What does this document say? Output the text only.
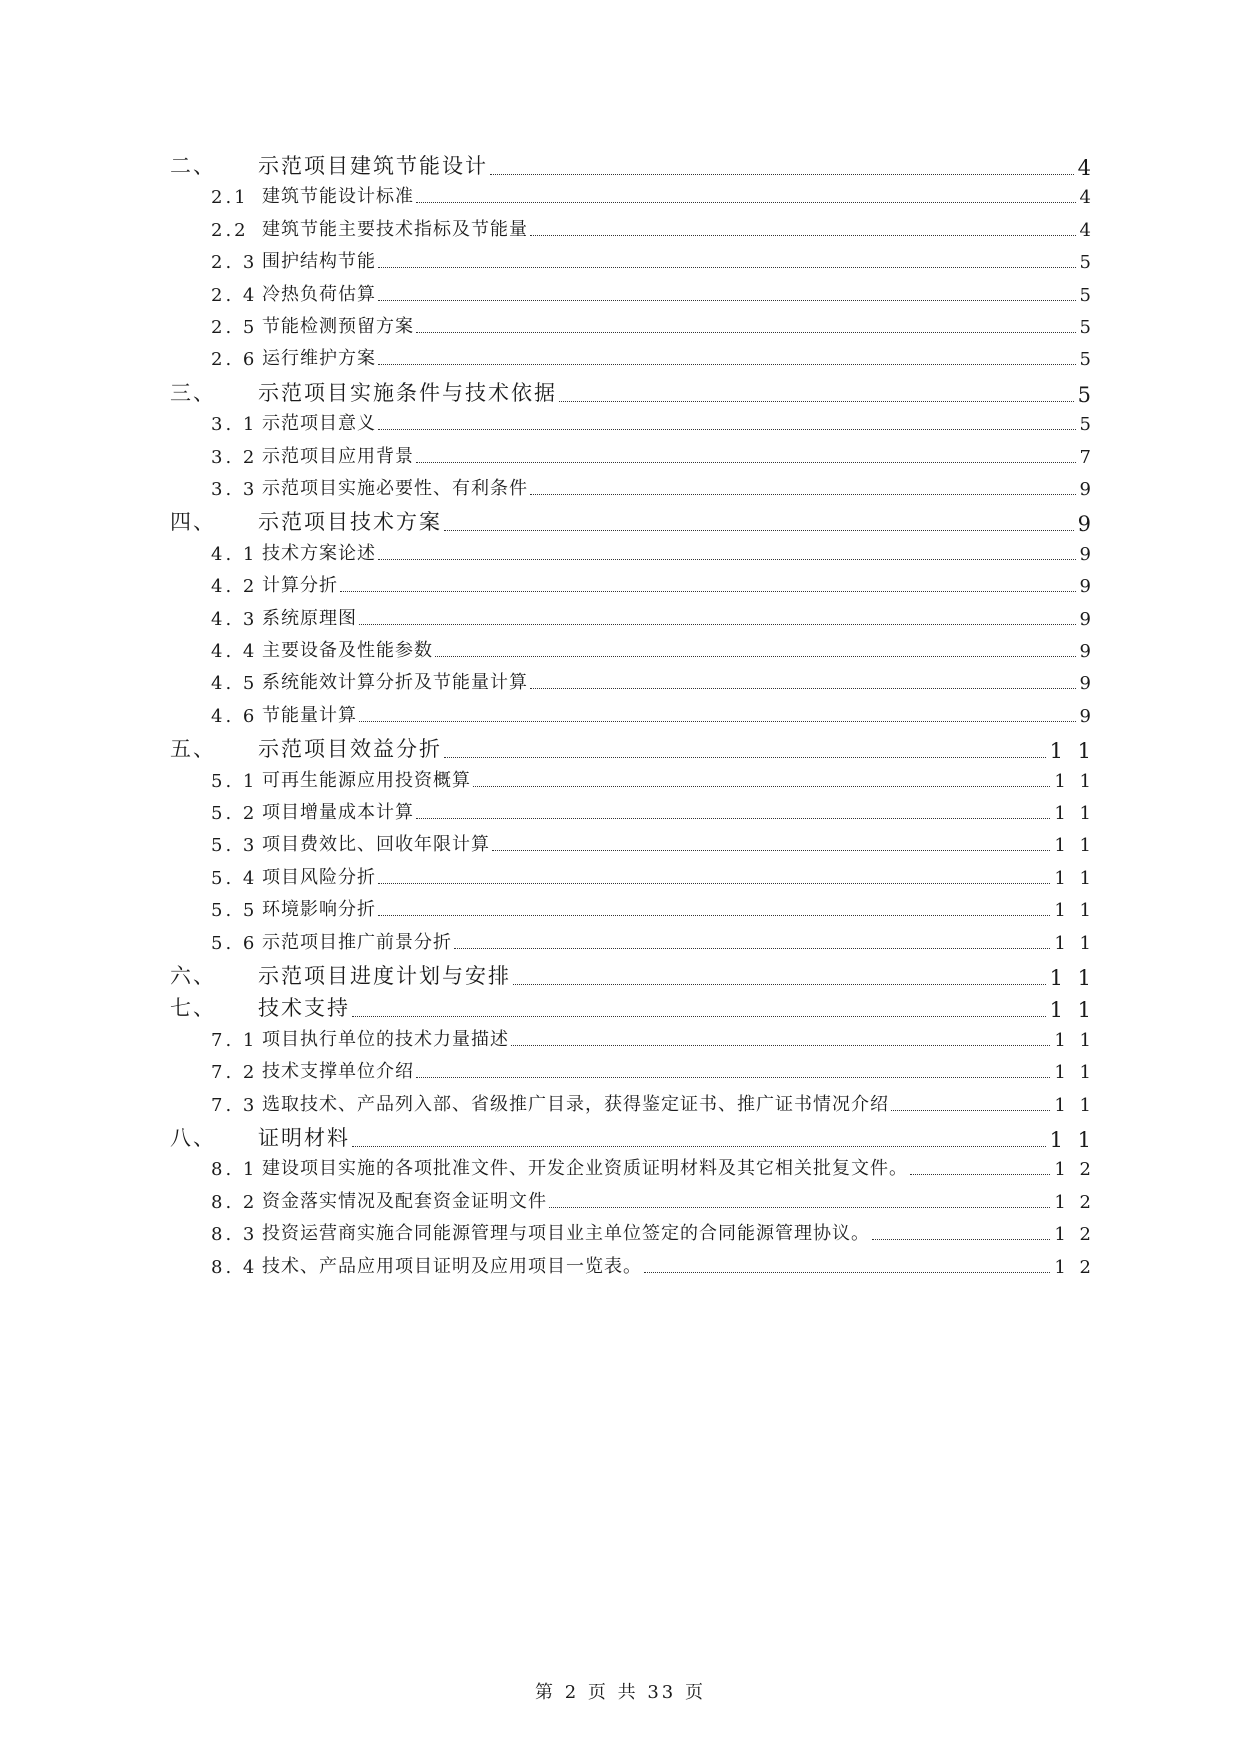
二、	示范项目建筑节能设计	4
2.1 建筑节能设计标准	4
2.2 建筑节能主要技术指标及节能量	4
2. 3 围护结构节能	5
2. 4 冷热负荷估算	5
2. 5 节能检测预留方案	5
2. 6 运行维护方案	5
三、	示范项目实施条件与技术依据	5
3. 1 示范项目意义	5
3. 2 示范项目应用背景	7
3. 3 示范项目实施必要性、有利条件	9
四、	示范项目技术方案	9
4. 1 技术方案论述	9
4. 2 计算分折	9
4. 3 系统原理图	9
4. 4 主要设备及性能参数	9
4. 5 系统能效计算分折及节能量计算	9
4. 6 节能量计算	9
五、	示范项目效益分折	1 1
5. 1 可再生能源应用投资概算	1 1
5. 2 项目增量成本计算	1 1
5. 3 项目费效比、回收年限计算	1 1
5. 4 项目风险分折	1 1
5. 5 环境影响分折	1 1
5. 6 示范项目推广前景分折	1 1
六、	示范项目进度计划与安排	1 1
七、	技术支持	1 1
7. 1 项目执行单位的技术力量描述	1 1
7. 2 技术支撑单位介绍	1 1
7. 3 选取技术、产品列入部、省级推广目录，获得鉴定证书、推广证书情况介绍	1 1
八、	证明材料	1 1
8. 1 建设项目实施的各项批准文件、开发企业资质证明材料及其它相关批复文件。	1 2
8. 2 资金落实情况及配套资金证明文件	1 2
8. 3 投资运营商实施合同能源管理与项目业主单位签定的合同能源管理协议。	1 2
8. 4 技术、产品应用项目证明及应用项目一览表。	1 2
第 2 页 共 33 页
